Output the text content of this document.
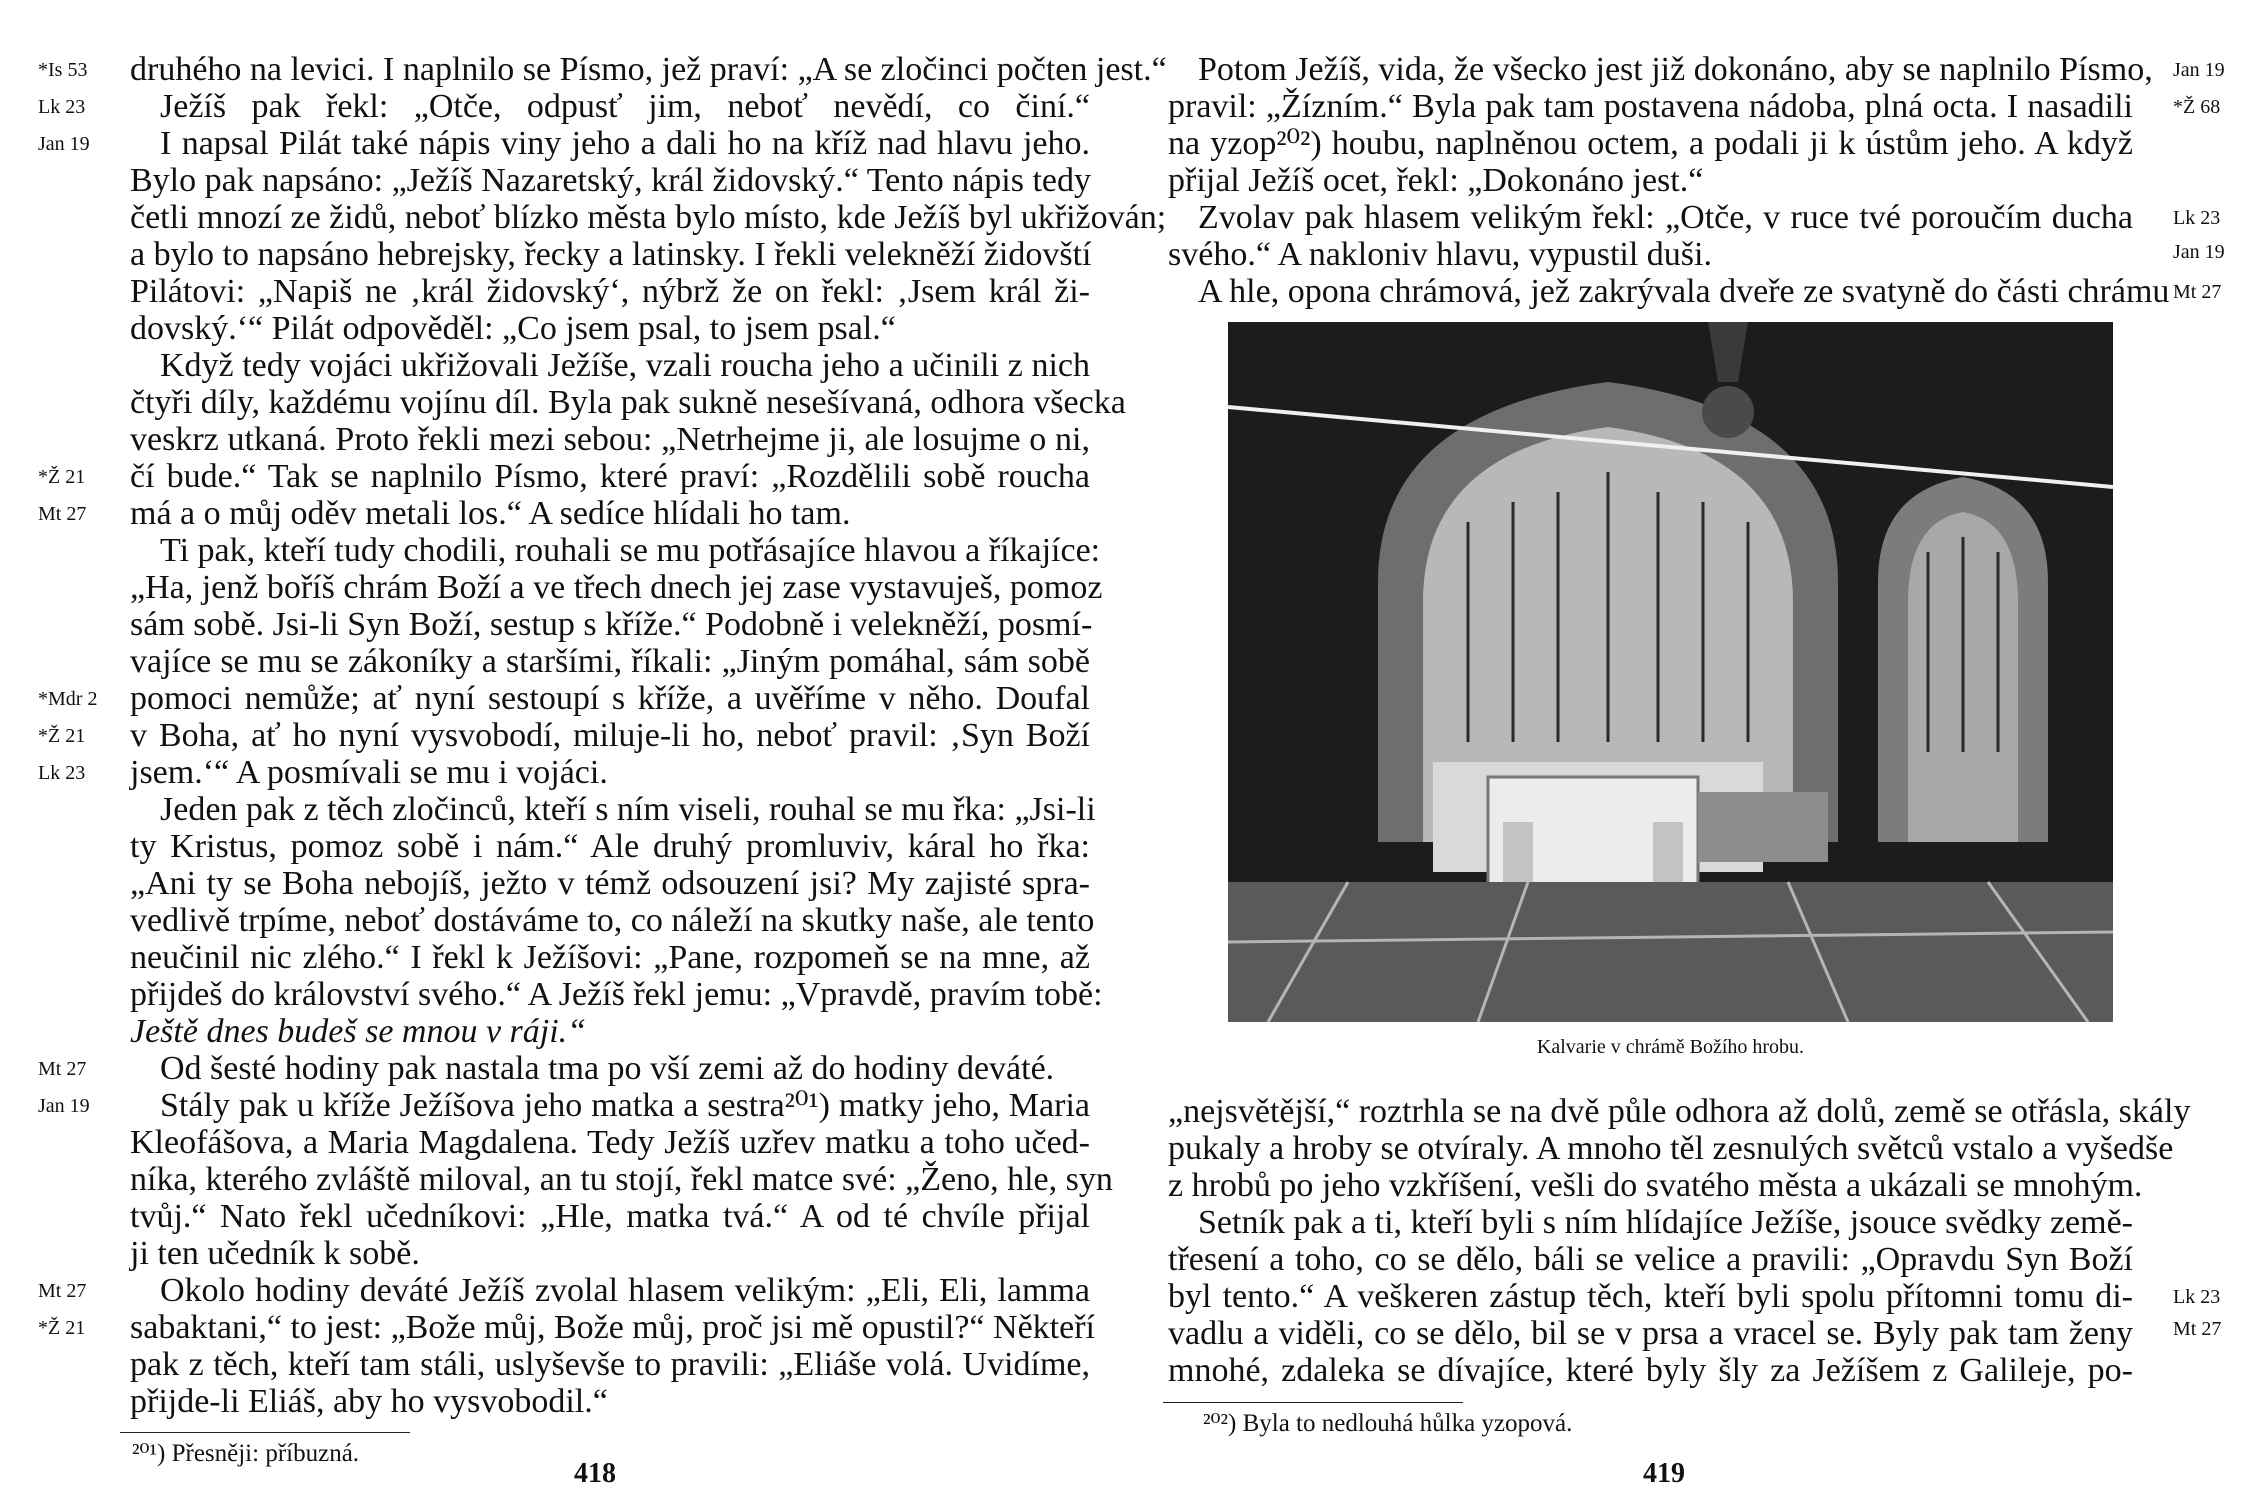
druhého na levici. I naplnilo se Písmo, jež praví: „A se zločinci počten jest.“
Ježíš pak řekl: „Otče, odpusť jim, neboť nevědí, co činí.“
I napsal Pilát také nápis viny jeho a dali ho na kříž nad hlavu jeho.
Bylo pak napsáno: „Ježíš Nazaretský, král židovský.“ Tento nápis tedy
četli mnozí ze židů, neboť blízko města bylo místo, kde Ježíš byl ukřižován;
a bylo to napsáno hebrejsky, řecky a latinsky. I řekli velekněží židovští
Pilátovi: „Napiš ne ‚král židovský‘, nýbrž že on řekl: ‚Jsem král ži-
dovský.‘“ Pilát odpověděl: „Co jsem psal, to jsem psal.“
Když tedy vojáci ukřižovali Ježíše, vzali roucha jeho a učinili z nich
čtyři díly, každému vojínu díl. Byla pak sukně nesešívaná, odhora všecka
veskrz utkaná. Proto řekli mezi sebou: „Netrhejme ji, ale losujme o ni,
čí bude.“ Tak se naplnilo Písmo, které praví: „Rozdělili sobě roucha
má a o můj oděv metali los.“ A sedíce hlídali ho tam.
Ti pak, kteří tudy chodili, rouhali se mu potřásajíce hlavou a říkajíce:
„Ha, jenž boříš chrám Boží a ve třech dnech jej zase vystavuješ, pomoz
sám sobě. Jsi-li Syn Boží, sestup s kříže.“ Podobně i velekněží, posmí-
vajíce se mu se zákoníky a staršími, říkali: „Jiným pomáhal, sám sobě
pomoci nemůže; ať nyní sestoupí s kříže, a uvěříme v něho. Doufal
v Boha, ať ho nyní vysvobodí, miluje-li ho, neboť pravil: ‚Syn Boží
jsem.‘“ A posmívali se mu i vojáci.
Jeden pak z těch zločinců, kteří s ním viseli, rouhal se mu řka: „Jsi-li
ty Kristus, pomoz sobě i nám.“ Ale druhý promluviv, káral ho řka:
„Ani ty se Boha nebojíš, ježto v témž odsouzení jsi? My zajisté spra-
vedlivě trpíme, neboť dostáváme to, co náleží na skutky naše, ale tento
neučinil nic zlého.“ I řekl k Ježíšovi: „Pane, rozpomeň se na mne, až
přijdeš do království svého.“ A Ježíš řekl jemu: „Vpravdě, pravím tobě:
Ještě dnes budeš se mnou v ráji.“
Od šesté hodiny pak nastala tma po vší zemi až do hodiny deváté.
Stály pak u kříže Ježíšova jeho matka a sestra²⁰¹) matky jeho, Maria
Kleofášova, a Maria Magdalena. Tedy Ježíš uzřev matku a toho učed-
níka, kterého zvláště miloval, an tu stojí, řekl matce své: „Ženo, hle, syn
tvůj.“ Nato řekl učedníkovi: „Hle, matka tvá.“ A od té chvíle přijal
ji ten učedník k sobě.
Okolo hodiny deváté Ježíš zvolal hlasem velikým: „Eli, Eli, lamma
sabaktani,“ to jest: „Bože můj, Bože můj, proč jsi mě opustil?“ Někteří
pak z těch, kteří tam stáli, uslyševše to pravili: „Eliáše volá. Uvidíme,
přijde-li Eliáš, aby ho vysvobodil.“
*Is 53
Lk 23
Jan 19
*Ž 21
Mt 27
*Mdr 2
*Ž 21
Lk 23
Mt 27
Jan 19
Mt 27
*Ž 21
²⁰¹) Přesněji: příbuzná.
418
Potom Ježíš, vida, že všecko jest již dokonáno, aby se naplnilo Písmo,
pravil: „Žízním.“ Byla pak tam postavena nádoba, plná octa. I nasadili
na yzop²⁰²) houbu, naplněnou octem, a podali ji k ústům jeho. A když
přijal Ježíš ocet, řekl: „Dokonáno jest.“
Zvolav pak hlasem velikým řekl: „Otče, v ruce tvé poroučím ducha
svého.“ A nakloniv hlavu, vypustil duši.
A hle, opona chrámová, jež zakrývala dveře ze svatyně do části chrámu
Jan 19
*Ž 68
Lk 23
Jan 19
Mt 27
Kalvarie v chrámě Božího hrobu.
„nejsvětější,“ roztrhla se na dvě půle odhora až dolů, země se otřásla, skály
pukaly a hroby se otvíraly. A mnoho těl zesnulých světců vstalo a vyšedše
z hrobů po jeho vzkříšení, vešli do svatého města a ukázali se mnohým.
Setník pak a ti, kteří byli s ním hlídajíce Ježíše, jsouce svědky země-
třesení a toho, co se dělo, báli se velice a pravili: „Opravdu Syn Boží
byl tento.“ A veškeren zástup těch, kteří byli spolu přítomni tomu di-
vadlu a viděli, co se dělo, bil se v prsa a vracel se. Byly pak tam ženy
mnohé, zdaleka se dívajíce, které byly šly za Ježíšem z Galileje, po-
Lk 23
Mt 27
²⁰²) Byla to nedlouhá hůlka yzopová.
419
